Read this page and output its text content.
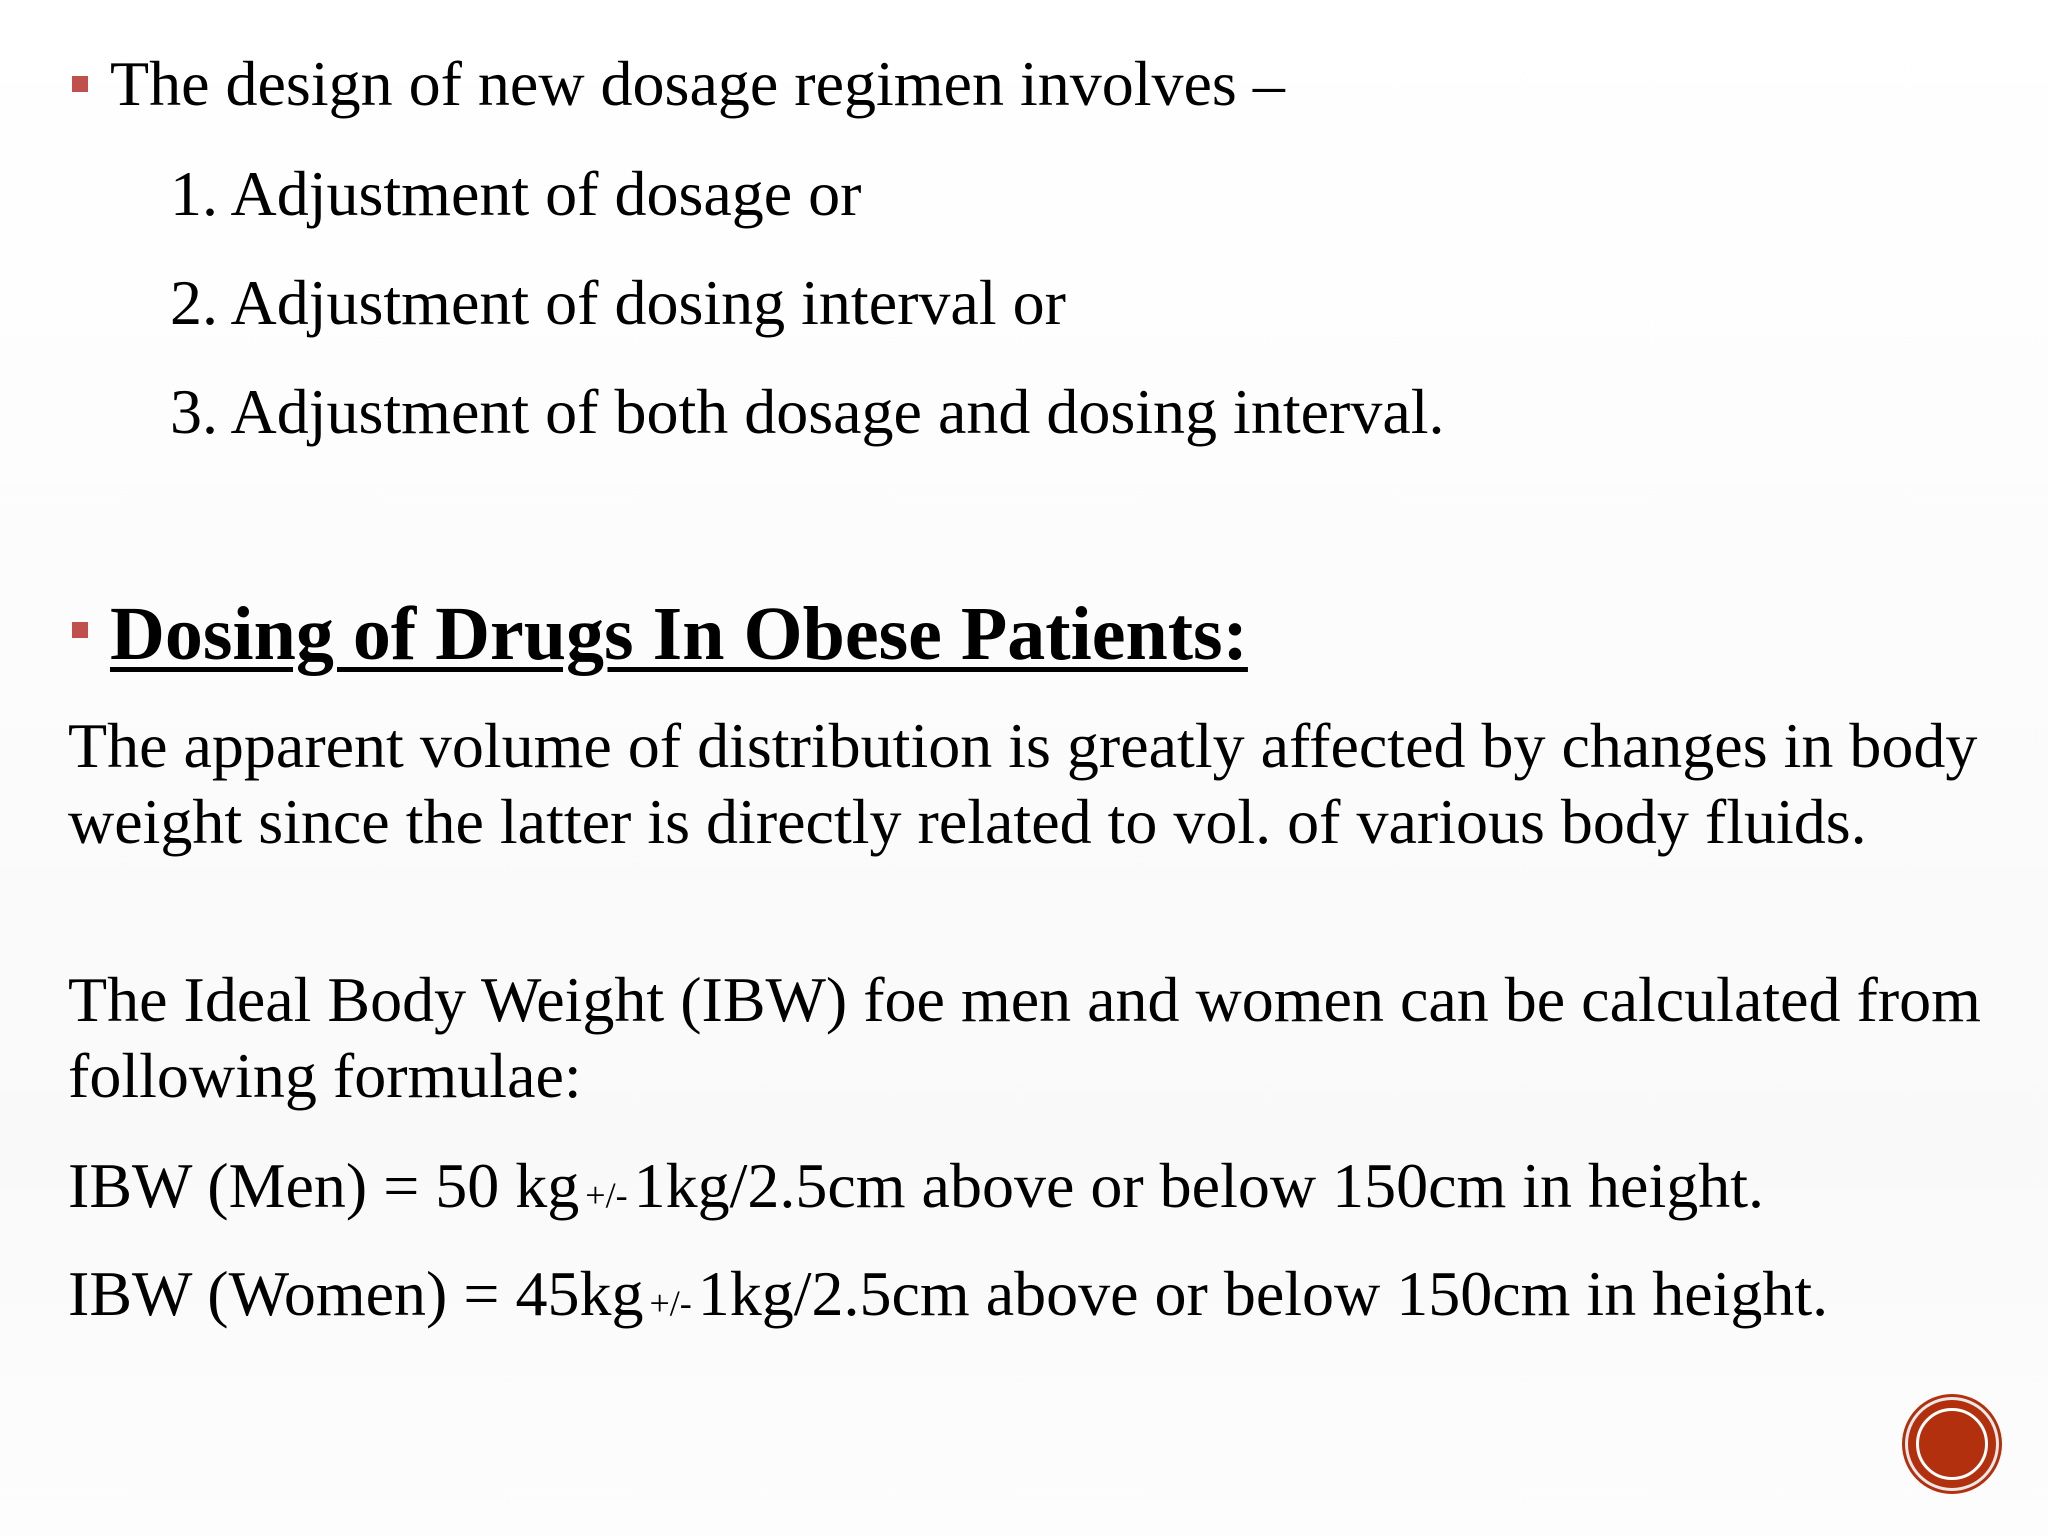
The design of new dosage regimen involves –
1. Adjustment of dosage or
2. Adjustment of dosing interval or
3. Adjustment of both dosage and dosing interval.
Dosing of Drugs In Obese Patients:
The apparent volume of distribution is greatly affected by changes in body weight since the latter is directly related to vol. of various body fluids.
The Ideal Body Weight (IBW) foe men and women can be calculated from following formulae:
IBW (Men) = 50 kg +/-1kg/2.5cm above or below 150cm in height.
IBW (Women) = 45kg +/-1kg/2.5cm above or below 150cm in height.
